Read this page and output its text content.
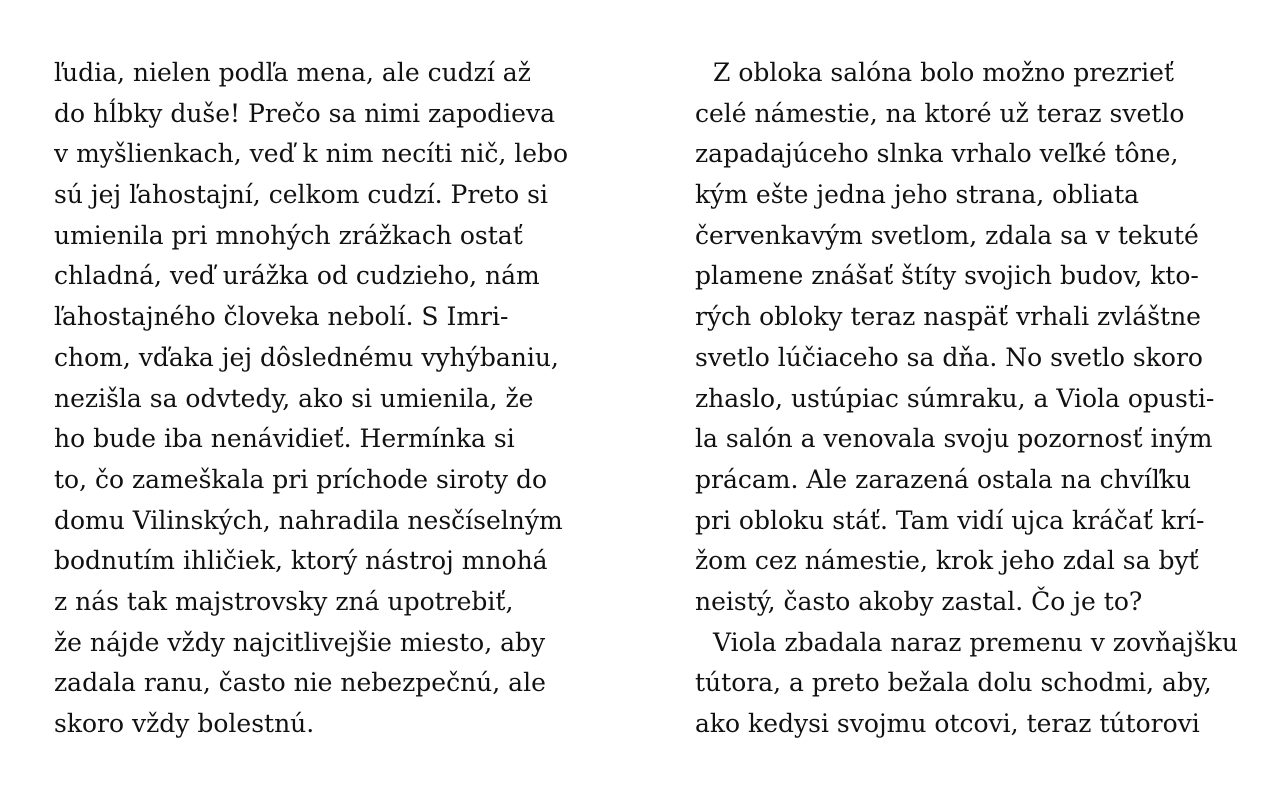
ľudia, nielen podľa mena, ale cudzí až
do hĺbky duše! Prečo sa nimi zapodieva
v myšlienkach, veď k nim necíti nič, lebo
sú jej ľahostajní, celkom cudzí. Preto si
umienila pri mnohých zrážkach ostať
chladná, veď urážka od cudzieho, nám
ľahostajného človeka nebolí. S Imri-
chom, vďaka jej dôslednému vyhýbaniu,
nezišla sa odvtedy, ako si umienila, že
ho bude iba nenávidieť. Hermínka si
to, čo zameškala pri príchode siroty do
domu Vilinských, nahradila nesčíselným
bodnutím ihličiek, ktorý nástroj mnohá
z nás tak majstrovsky zná upotrebiť,
že nájde vždy najcitlivejšie miesto, aby
zadala ranu, často nie nebezpečnú, ale
skoro vždy bolestnú.
Z obloka salóna bolo možno prezrieť
celé námestie, na ktoré už teraz svetlo
zapadajúceho slnka vrhalo veľké tône,
kým ešte jedna jeho strana, obliata
červenkavým svetlom, zdala sa v tekuté
plamene znášať štíty svojich budov, kto-
rých obloky teraz naspäť vrhali zvláštne
svetlo lúčiaceho sa dňa. No svetlo skoro
zhaslo, ustúpiac súmraku, a Viola opusti-
la salón a venovala svoju pozornosť iným
prácam. Ale zarazená ostala na chvíľku
pri obloku stáť. Tam vidí ujca kráčať krí-
žom cez námestie, krok jeho zdal sa byť
neistý, často akoby zastal. Čo je to?
Viola zbadala naraz premenu v zovňajšku
tútora, a preto bežala dolu schodmi, aby,
ako kedysi svojmu otcovi, teraz tútorovi
